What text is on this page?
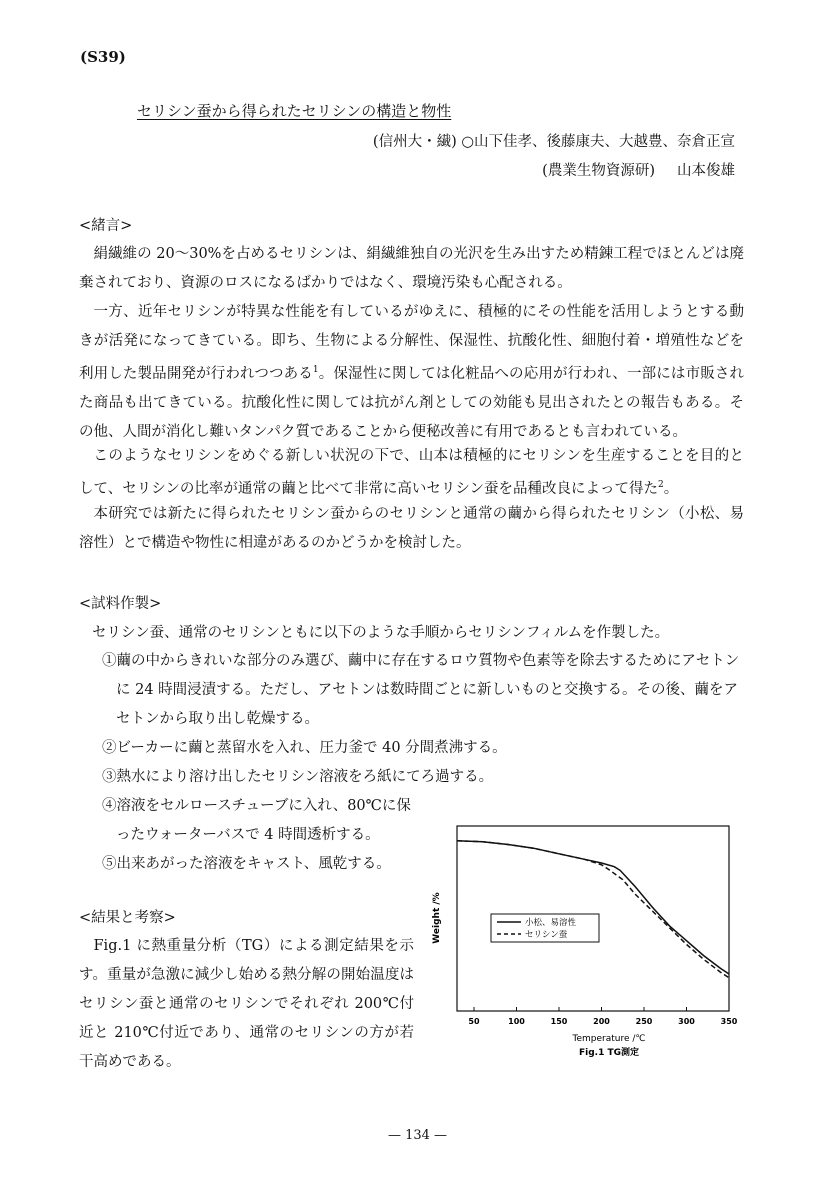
(S39)
セリシン蚕から得られたセリシンの構造と物性
(信州大・繊) ○山下佳孝、後藤康夫、大越豊、奈倉正宣
(農業生物資源研) 山本俊雄
<緒言>

絹繊維の 20～30%を占めるセリシンは、絹繊維独自の光沢を生み出すため精錬工程でほとんどは廃棄されており、資源のロスになるばかりではなく、環境汚染も心配される。

一方、近年セリシンが特異な性能を有しているがゆえに、積極的にその性能を活用しようとする動きが活発になってきている。即ち、生物による分解性、保湿性、抗酸化性、細胞付着・増殖性などを利用した製品開発が行われつつある$^1$。保湿性に関しては化粧品への応用が行われ、一部には市販された商品も出てきている。抗酸化性に関しては抗がん剤としての効能も見出されたとの報告もある。その他、人間が消化し難いタンパク質であることから便秘改善に有用であるとも言われている。

このようなセリシンをめぐる新しい状況の下で、山本は積極的にセリシンを生産することを目的として、セリシンの比率が通常の繭と比べて非常に高いセリシン蚕を品種改良によって得た$^2$。

本研究では新たに得られたセリシン蚕からのセリシンと通常の繭から得られたセリシン（小松、易溶性）とで構造や物性に相違があるのかどうかを検討した。

<試料作製>
セリシン蚕、通常のセリシンともに以下のような手順からセリシンフィルムを作製した。
①繭の中からきれいな部分のみ選び、繭中に存在するロウ質物や色素等を除去するためにアセトンに 24 時間浸漬する。ただし、アセトンは数時間ごとに新しいものと交換する。その後、繭をアセトンから取り出し乾燥する。
②ビーカーに繭と蒸留水を入れ、圧力釜で 40 分間煮沸する。
③熱水により溶け出したセリシン溶液をろ紙にてろ過する。
④溶液をセルロースチューブに入れ、80℃に保ったウォーターバスで 4 時間透析する。
⑤出来あがった溶液をキャスト、風乾する。
<結果と考察>

Fig.1 に熱重量分析（TG）による測定結果を示す。重量が急激に減少し始める熱分解の開始温度はセリシン蚕と通常のセリシンでそれぞれ 200℃付近と 210℃付近であり、通常のセリシンの方が若干高めである。

50	100	150	200	250	300	350
Weight /%
Temperature /℃
Fig.1 TG測定
小松、易溶性
セリシン蚕
— 134 —
